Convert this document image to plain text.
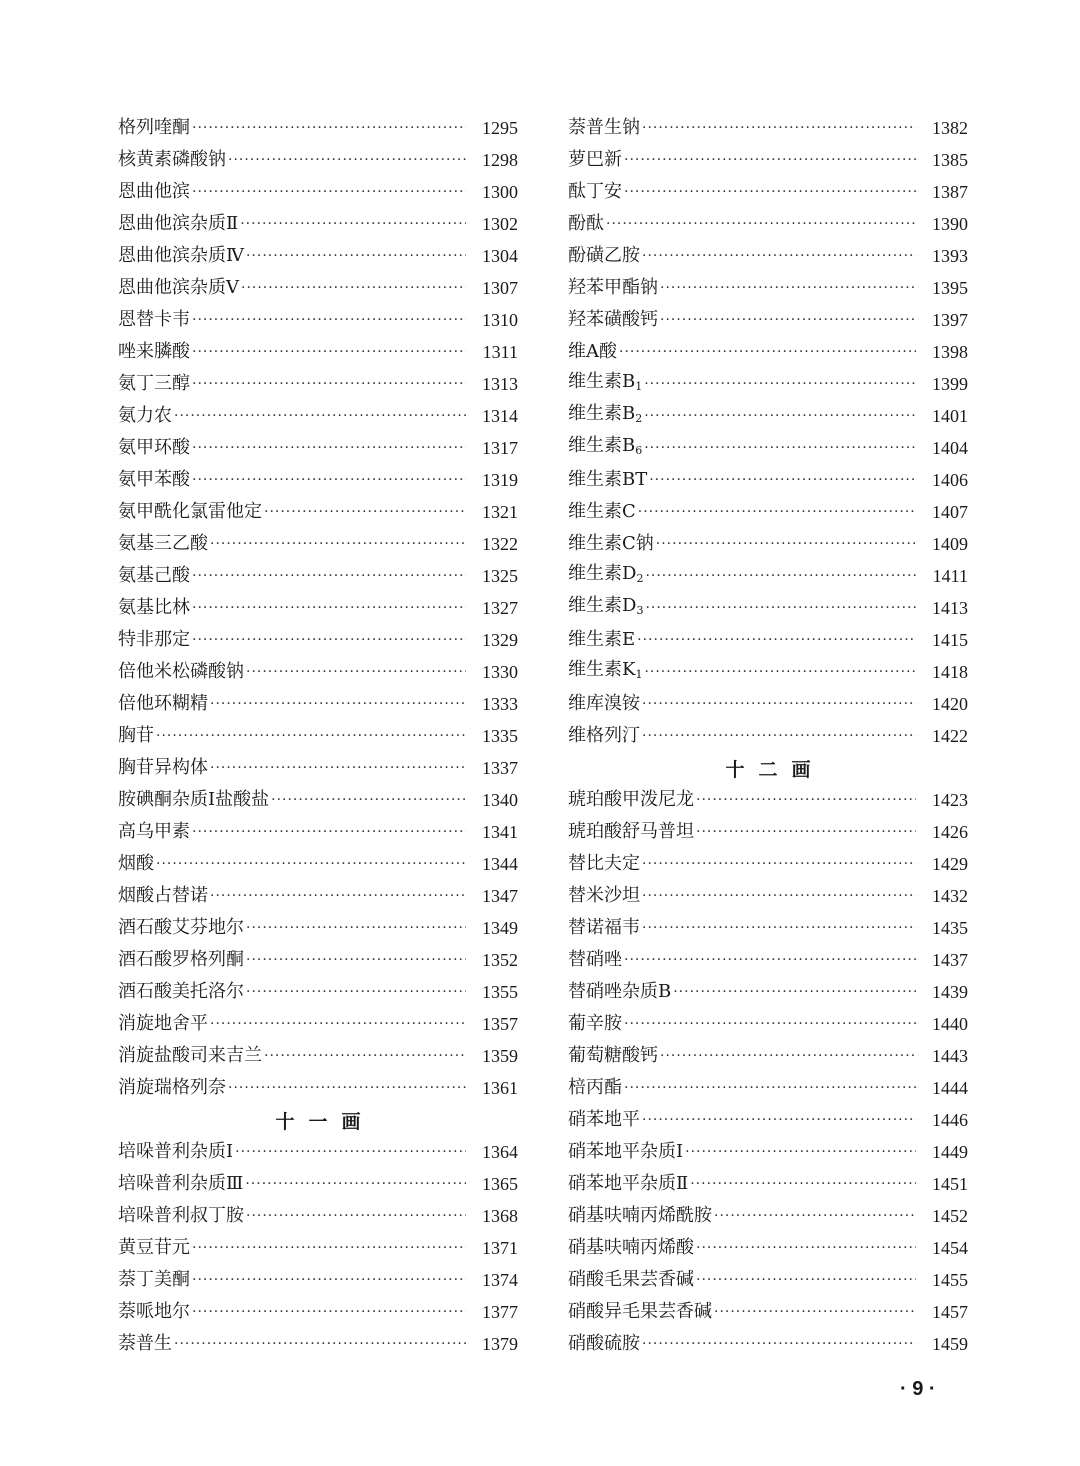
格列喹酮 ·····	1295
核黄素磷酸钠 ·····	1298
恩曲他滨 ·····	1300
恩曲他滨杂质Ⅱ ·····	1302
恩曲他滨杂质Ⅳ ·····	1304
恩曲他滨杂质Ⅴ ·····	1307
恩替卡韦 ·····	1310
唑来膦酸 ·····	1311
氨丁三醇 ·····	1313
氨力农 ·····	1314
氨甲环酸 ·····	1317
氨甲苯酸 ·····	1319
氨甲酰化氯雷他定 ·····	1321
氨基三乙酸 ·····	1322
氨基己酸 ·····	1325
氨基比林 ·····	1327
特非那定 ·····	1329
倍他米松磷酸钠 ·····	1330
倍他环糊精 ·····	1333
胸苷 ·····	1335
胸苷异构体 ·····	1337
胺碘酮杂质Ⅰ盐酸盐 ·····	1340
高乌甲素 ·····	1341
烟酸 ·····	1344
烟酸占替诺 ·····	1347
酒石酸艾芬地尔 ·····	1349
酒石酸罗格列酮 ·····	1352
酒石酸美托洛尔 ·····	1355
消旋地舍平 ·····	1357
消旋盐酸司来吉兰 ·····	1359
消旋瑞格列奈 ·····	1361
十一画
培哚普利杂质Ⅰ ·····	1364
培哚普利杂质Ⅲ ·····	1365
培哚普利叔丁胺 ·····	1368
黄豆苷元 ·····	1371
萘丁美酮 ·····	1374
萘哌地尔 ·····	1377
萘普生 ·····	1379
萘普生钠 ·····	1382
萝巴新 ·····	1385
酞丁安 ·····	1387
酚酞 ·····	1390
酚磺乙胺 ·····	1393
羟苯甲酯钠 ·····	1395
羟苯磺酸钙 ·····	1397
维A酸 ·····	1398
维生素$B_1$ ·····	1399
维生素$B_2$ ·····	1401
维生素$B_6$ ·····	1404
维生素BT ·····	1406
维生素C ·····	1407
维生素C钠 ·····	1409
维生素$D_2$ ·····	1411
维生素$D_3$ ·····	1413
维生素E ·····	1415
维生素$K_1$ ·····	1418
维库溴铵 ·····	1420
维格列汀 ·····	1422
十二画
琥珀酸甲泼尼龙 ·····	1423
琥珀酸舒马普坦 ·····	1426
替比夫定 ·····	1429
替米沙坦 ·····	1432
替诺福韦 ·····	1435
替硝唑 ·····	1437
替硝唑杂质B ·····	1439
葡辛胺 ·····	1440
葡萄糖酸钙 ·····	1443
棓丙酯 ·····	1444
硝苯地平 ·····	1446
硝苯地平杂质Ⅰ ·····	1449
硝苯地平杂质Ⅱ ·····	1451
硝基呋喃丙烯酰胺 ·····	1452
硝基呋喃丙烯酸 ·····	1454
硝酸毛果芸香碱 ·····	1455
硝酸异毛果芸香碱 ·····	1457
硝酸硫胺 ·····	1459
· 9 ·
